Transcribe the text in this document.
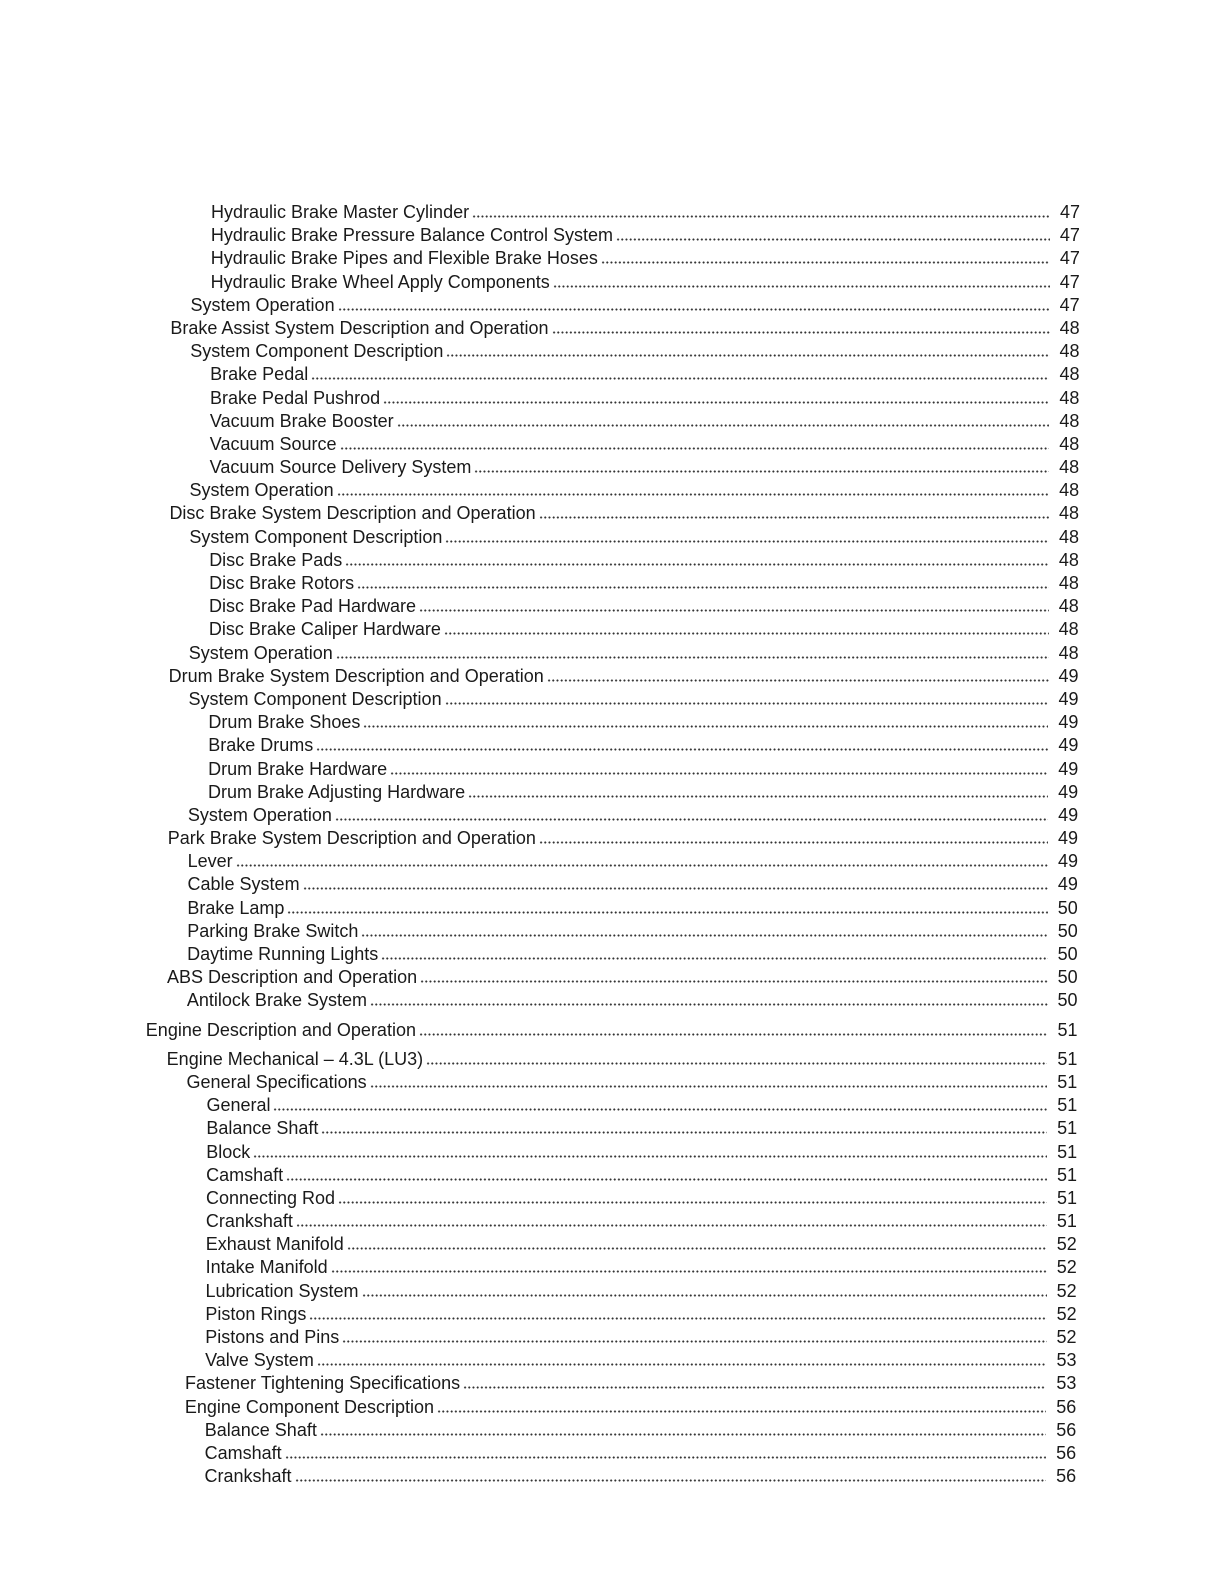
Hydraulic Brake Master Cylinder	47
Hydraulic Brake Pressure Balance Control System	47
Hydraulic Brake Pipes and Flexible Brake Hoses	47
Hydraulic Brake Wheel Apply Components	47
System Operation	47
Brake Assist System Description and Operation	48
System Component Description	48
Brake Pedal	48
Brake Pedal Pushrod	48
Vacuum Brake Booster	48
Vacuum Source	48
Vacuum Source Delivery System	48
System Operation	48
Disc Brake System Description and Operation	48
System Component Description	48
Disc Brake Pads	48
Disc Brake Rotors	48
Disc Brake Pad Hardware	48
Disc Brake Caliper Hardware	48
System Operation	48
Drum Brake System Description and Operation	49
System Component Description	49
Drum Brake Shoes	49
Brake Drums	49
Drum Brake Hardware	49
Drum Brake Adjusting Hardware	49
System Operation	49
Park Brake System Description and Operation	49
Lever	49
Cable System	49
Brake Lamp	50
Parking Brake Switch	50
Daytime Running Lights	50
ABS Description and Operation	50
Antilock Brake System	50
Engine Description and Operation	51
Engine Mechanical – 4.3L (LU3)	51
General Specifications	51
General	51
Balance Shaft	51
Block	51
Camshaft	51
Connecting Rod	51
Crankshaft	51
Exhaust Manifold	52
Intake Manifold	52
Lubrication System	52
Piston Rings	52
Pistons and Pins	52
Valve System	53
Fastener Tightening Specifications	53
Engine Component Description	56
Balance Shaft	56
Camshaft	56
Crankshaft	56
